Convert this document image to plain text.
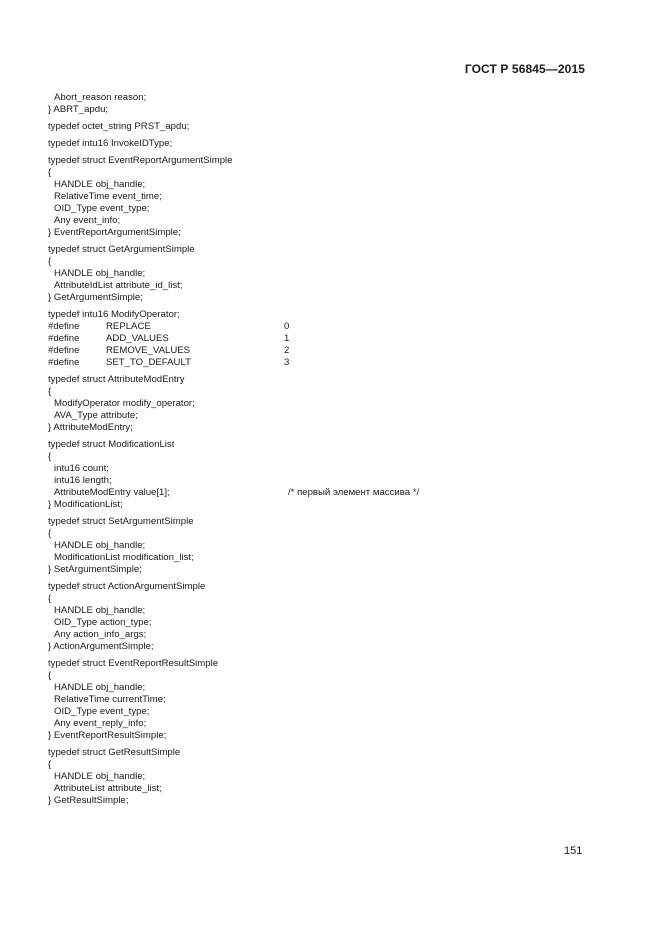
ГОСТ Р 56845—2015
Abort_reason reason;
} ABRT_apdu;
typedef octet_string PRST_apdu;
typedef intu16 InvokeIDType;
typedef struct EventReportArgumentSimple
{
HANDLE obj_handle;
RelativeTime event_time;
OID_Type event_type;
Any event_info;
} EventReportArgumentSimple;
typedef struct GetArgumentSimple
{
HANDLE obj_handle;
AttributeIdList attribute_id_list;
} GetArgumentSimple;
typedef intu16 ModifyOperator;
#define	REPLACE	0
#define	ADD_VALUES	1
#define	REMOVE_VALUES	2
#define	SET_TO_DEFAULT	3
typedef struct AttributeModEntry
{
ModifyOperator modify_operator;
AVA_Type attribute;
} AttributeModEntry;
typedef struct ModificationList
{
intu16 count;
intu16 length;
AttributeModEntry value[1];	/* первый элемент массива */
} ModificationList;
typedef struct SetArgumentSimple
{
HANDLE obj_handle;
ModificationList modification_list;
} SetArgumentSimple;
typedef struct ActionArgumentSimple
{
HANDLE obj_handle;
OID_Type action_type;
Any action_info_args;
} ActionArgumentSimple;
typedef struct EventReportResultSimple
{
HANDLE obj_handle;
RelativeTime currentTime;
OID_Type event_type;
Any event_reply_info;
} EventReportResultSimple;
typedef struct GetResultSimple
{
HANDLE obj_handle;
AttributeList attribute_list;
} GetResultSimple;
151
